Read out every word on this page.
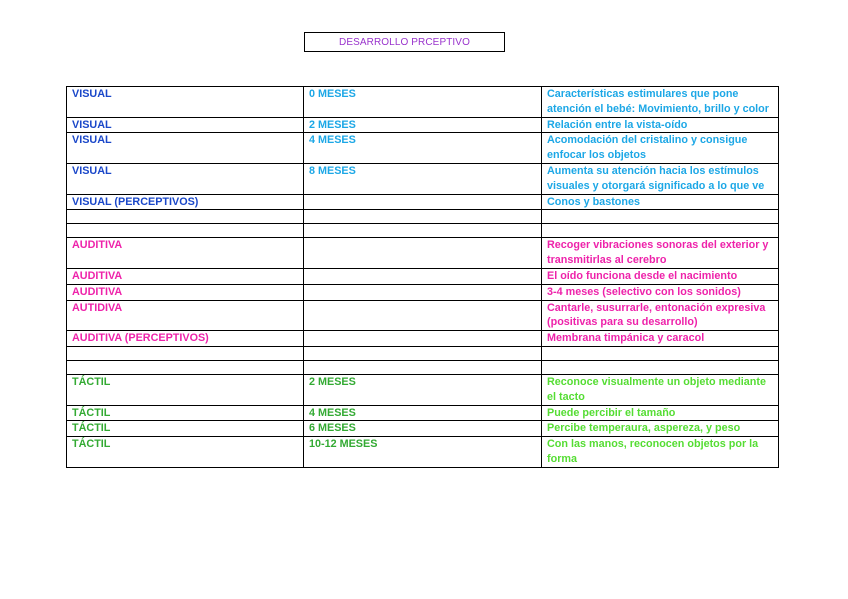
DESARROLLO PRCEPTIVO
VISUAL	0 MESES	Características estimulares que pone atención el bebé: Movimiento, brillo y color
VISUAL	2 MESES	Relación entre la vista-oído
VISUAL	4 MESES	Acomodación del cristalino y consigue enfocar los objetos
VISUAL	8 MESES	Aumenta su atención hacia los estímulos visuales y otorgará significado a lo que ve
VISUAL (PERCEPTIVOS)		Conos y bastones

AUDITIVA		Recoger vibraciones sonoras del exterior y transmitirlas al cerebro
AUDITIVA		El oído funciona desde el nacimiento
AUDITIVA		3-4 meses (selectivo con los sonidos)
AUTIDIVA		Cantarle, susurrarle, entonación expresiva (positivas para su desarrollo)
AUDITIVA (PERCEPTIVOS)		Membrana timpánica y caracol

TÁCTIL	2 MESES	Reconoce visualmente un objeto mediante el tacto
TÁCTIL	4 MESES	Puede percibir el tamaño
TÁCTIL	6 MESES	Percibe temperaura, aspereza, y peso
TÁCTIL	10-12 MESES	Con las manos, reconocen objetos por la forma
